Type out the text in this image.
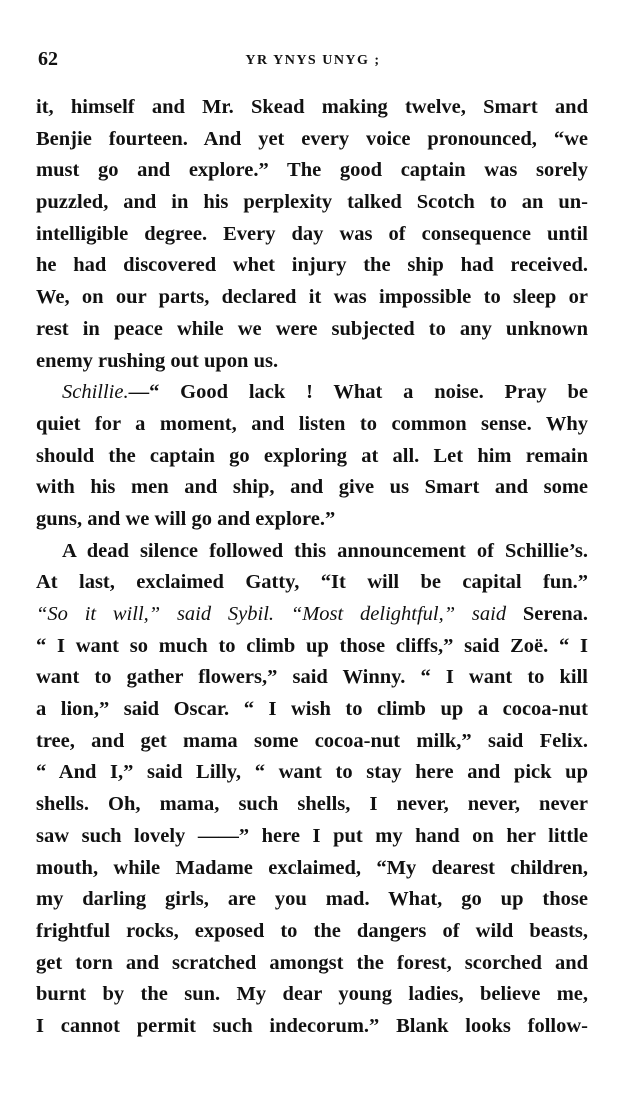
62	YR YNYS UNYG ;
it, himself and Mr. Skead making twelve, Smart and
Benjie fourteen. And yet every voice pronounced, “we
must go and explore.” The good captain was sorely
puzzled, and in his perplexity talked Scotch to an un-
intelligible degree. Every day was of consequence until
he had discovered whet injury the ship had received.
We, on our parts, declared it was impossible to sleep or
rest in peace while we were subjected to any unknown
enemy rushing out upon us.
Schillie.—“ Good lack ! What a noise. Pray be
quiet for a moment, and listen to common sense. Why
should the captain go exploring at all. Let him remain
with his men and ship, and give us Smart and some
guns, and we will go and explore.”
A dead silence followed this announcement of Schillie’s.
At last, exclaimed Gatty, “It will be capital fun.”
“So it will,” said Sybil. “Most delightful,” said Serena.
“ I want so much to climb up those cliffs,” said Zoë. “ I
want to gather flowers,” said Winny. “ I want to kill
a lion,” said Oscar. “ I wish to climb up a cocoa-nut
tree, and get mama some cocoa-nut milk,” said Felix.
“ And I,” said Lilly, “ want to stay here and pick up
shells. Oh, mama, such shells, I never, never, never
saw such lovely ——” here I put my hand on her little
mouth, while Madame exclaimed, “My dearest children,
my darling girls, are you mad. What, go up those
frightful rocks, exposed to the dangers of wild beasts,
get torn and scratched amongst the forest, scorched and
burnt by the sun. My dear young ladies, believe me,
I cannot permit such indecorum.” Blank looks follow-
